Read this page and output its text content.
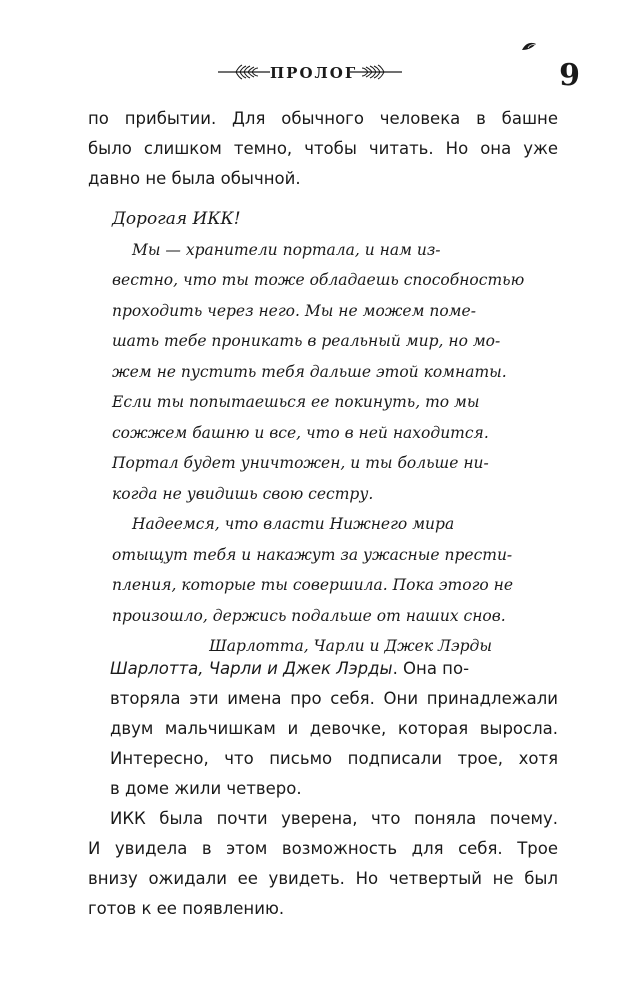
ПРОЛОГ	9

по прибытии. Для обычного человека в башне
было слишком темно, чтобы читать. Но она уже
давно не была обычной.

Дорогая ИКК!
Мы — хранители портала, и нам из-
вестно, что ты тоже обладаешь способностью
проходить через него. Мы не можем поме-
шать тебе проникать в реальный мир, но мо-
жем не пустить тебя дальше этой комнаты.
Если ты попытаешься ее покинуть, то мы
сожжем башню и все, что в ней находится.
Портал будет уничтожен, и ты больше ни-
когда не увидишь свою сестру.
Надеемся, что власти Нижнего мира
отыщут тебя и накажут за ужасные прести-
пления, которые ты совершила. Пока этого не
произошло, держись подальше от наших снов.
Шарлотта, Чарли и Джек Лэрды

Шарлотта, Чарли и Джек Лэрды. Она по-
вторяла эти имена про себя. Они принадлежали
двум мальчишкам и девочке, которая выросла.
Интересно, что письмо подписали трое, хотя
в доме жили четверо.

ИКК была почти уверена, что поняла почему.

И увидела в этом возможность для себя. Трое
внизу ожидали ее увидеть. Но четвертый не был
готов к ее появлению.
